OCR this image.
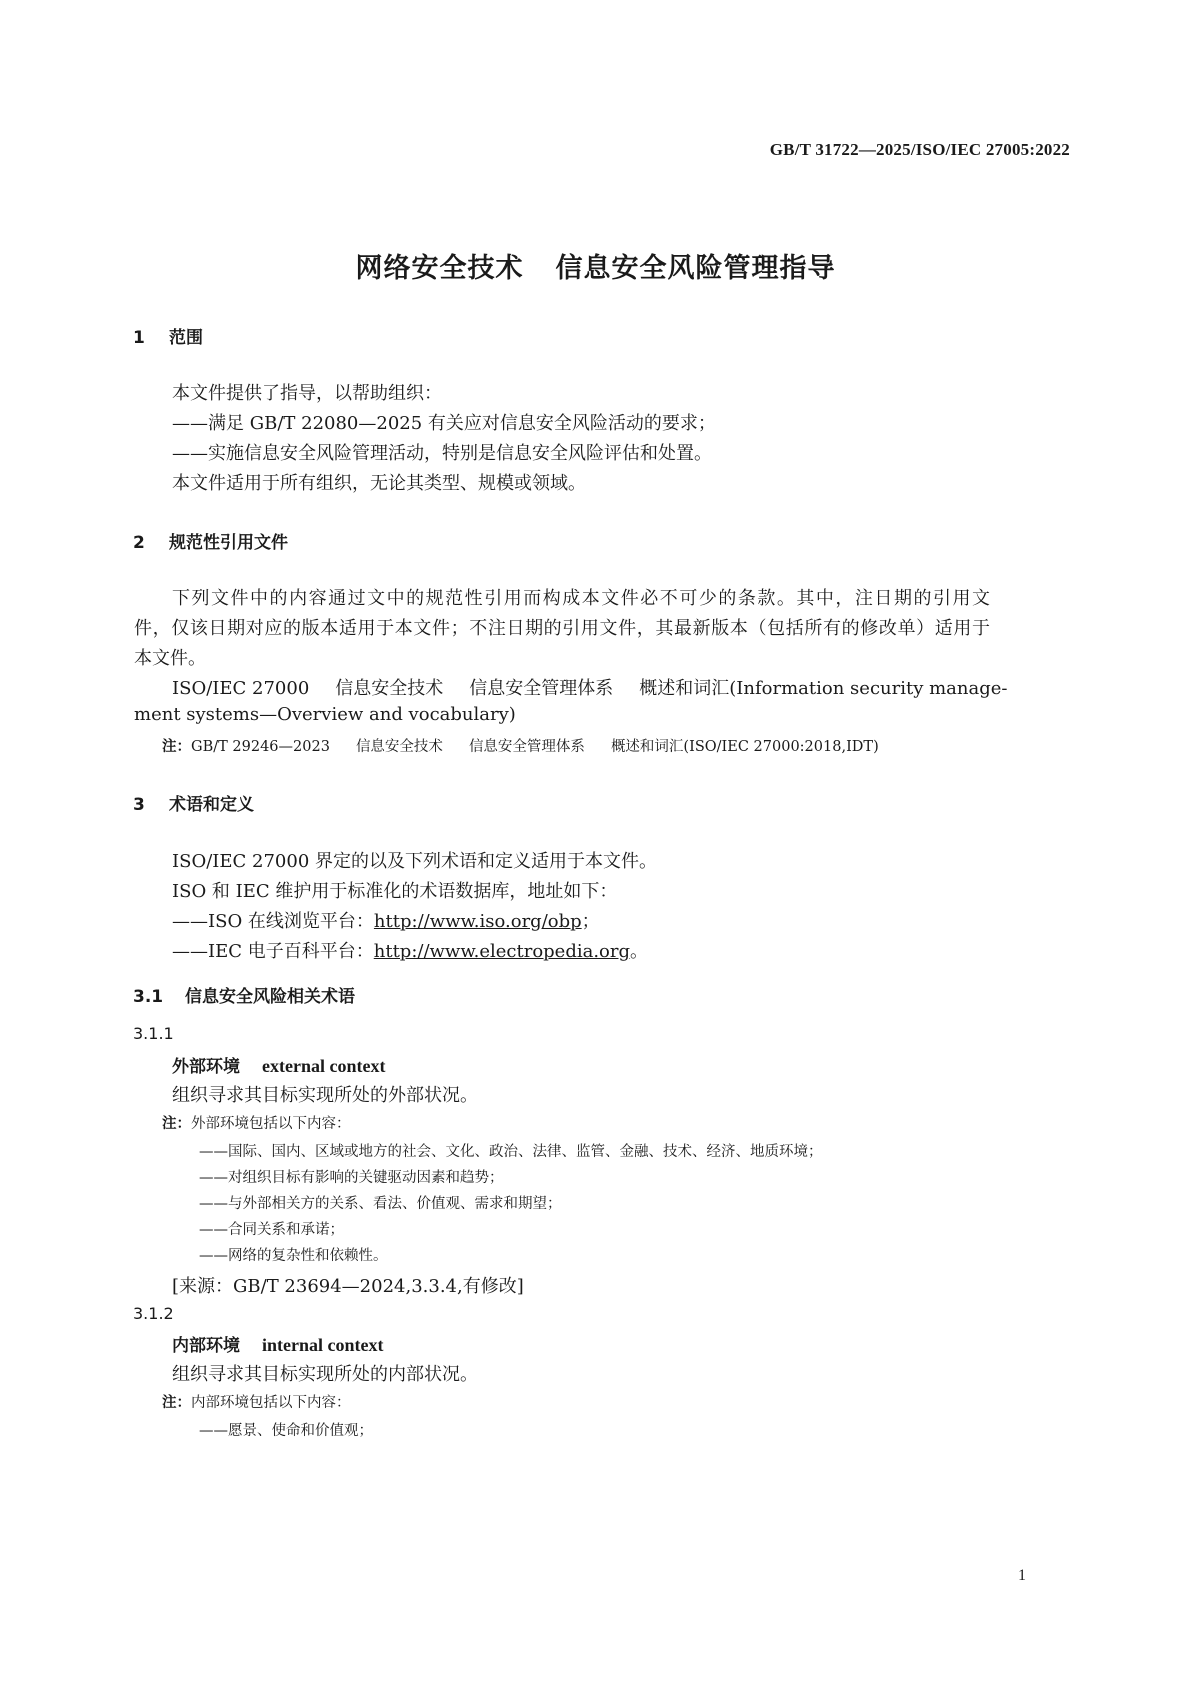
GB/T 31722—2025/ISO/IEC 27005:2022
网络安全技术 信息安全风险管理指导
1 范围
本文件提供了指导，以帮助组织：
——满足 GB/T 22080—2025 有关应对信息安全风险活动的要求；
——实施信息安全风险管理活动，特别是信息安全风险评估和处置。
本文件适用于所有组织，无论其类型、规模或领域。
2 规范性引用文件
下列文件中的内容通过文中的规范性引用而构成本文件必不可少的条款。其中，注日期的引用文
件，仅该日期对应的版本适用于本文件；不注日期的引用文件，其最新版本（包括所有的修改单）适用于
本文件。
ISO/IEC 27000 信息安全技术 信息安全管理体系 概述和词汇(Information security manage-
ment systems—Overview and vocabulary)
注：GB/T 29246—2023 信息安全技术 信息安全管理体系 概述和词汇(ISO/IEC 27000:2018,IDT)
3 术语和定义
ISO/IEC 27000 界定的以及下列术语和定义适用于本文件。
ISO 和 IEC 维护用于标准化的术语数据库，地址如下：
——ISO 在线浏览平台：http://www.iso.org/obp；
——IEC 电子百科平台：http://www.electropedia.org。
3.1 信息安全风险相关术语
3.1.1
外部环境 external context
组织寻求其目标实现所处的外部状况。
注：外部环境包括以下内容：
——国际、国内、区域或地方的社会、文化、政治、法律、监管、金融、技术、经济、地质环境；
——对组织目标有影响的关键驱动因素和趋势；
——与外部相关方的关系、看法、价值观、需求和期望；
——合同关系和承诺；
——网络的复杂性和依赖性。
[来源：GB/T 23694—2024,3.3.4,有修改]
3.1.2
内部环境 internal context
组织寻求其目标实现所处的内部状况。
注：内部环境包括以下内容：
——愿景、使命和价值观；
1
